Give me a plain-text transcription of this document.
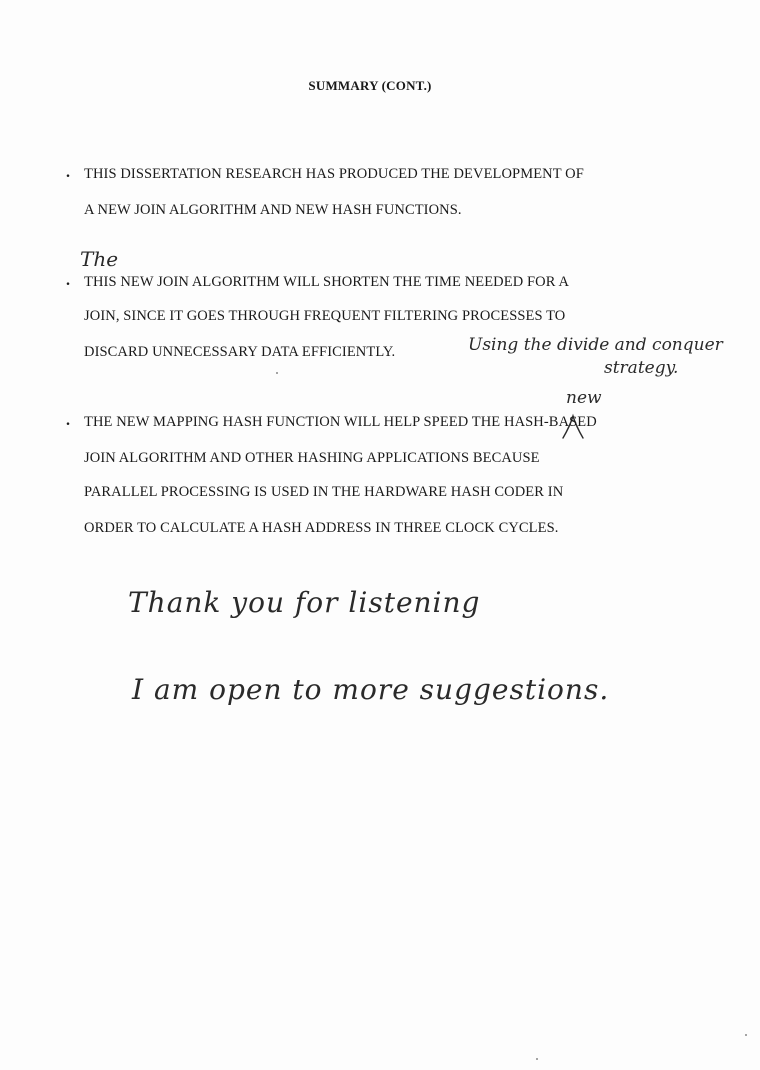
SUMMARY (CONT.)
. THIS DISSERTATION RESEARCH HAS PRODUCED THE DEVELOPMENT OF
A NEW JOIN ALGORITHM AND NEW HASH FUNCTIONS.
The
. THIS NEW JOIN ALGORITHM WILL SHORTEN THE TIME NEEDED FOR A
JOIN, SINCE IT GOES THROUGH FREQUENT FILTERING PROCESSES TO
DISCARD UNNECESSARY DATA EFFICIENTLY.	Using the divide and conquer
strategy.
new
. THE NEW MAPPING HASH FUNCTION WILL HELP SPEED THE HASH-BASED
JOIN ALGORITHM AND OTHER HASHING APPLICATIONS BECAUSE
PARALLEL PROCESSING IS USED IN THE HARDWARE HASH CODER IN
ORDER TO CALCULATE A HASH ADDRESS IN THREE CLOCK CYCLES.
Thank you for listening
I am open to more suggestions.
